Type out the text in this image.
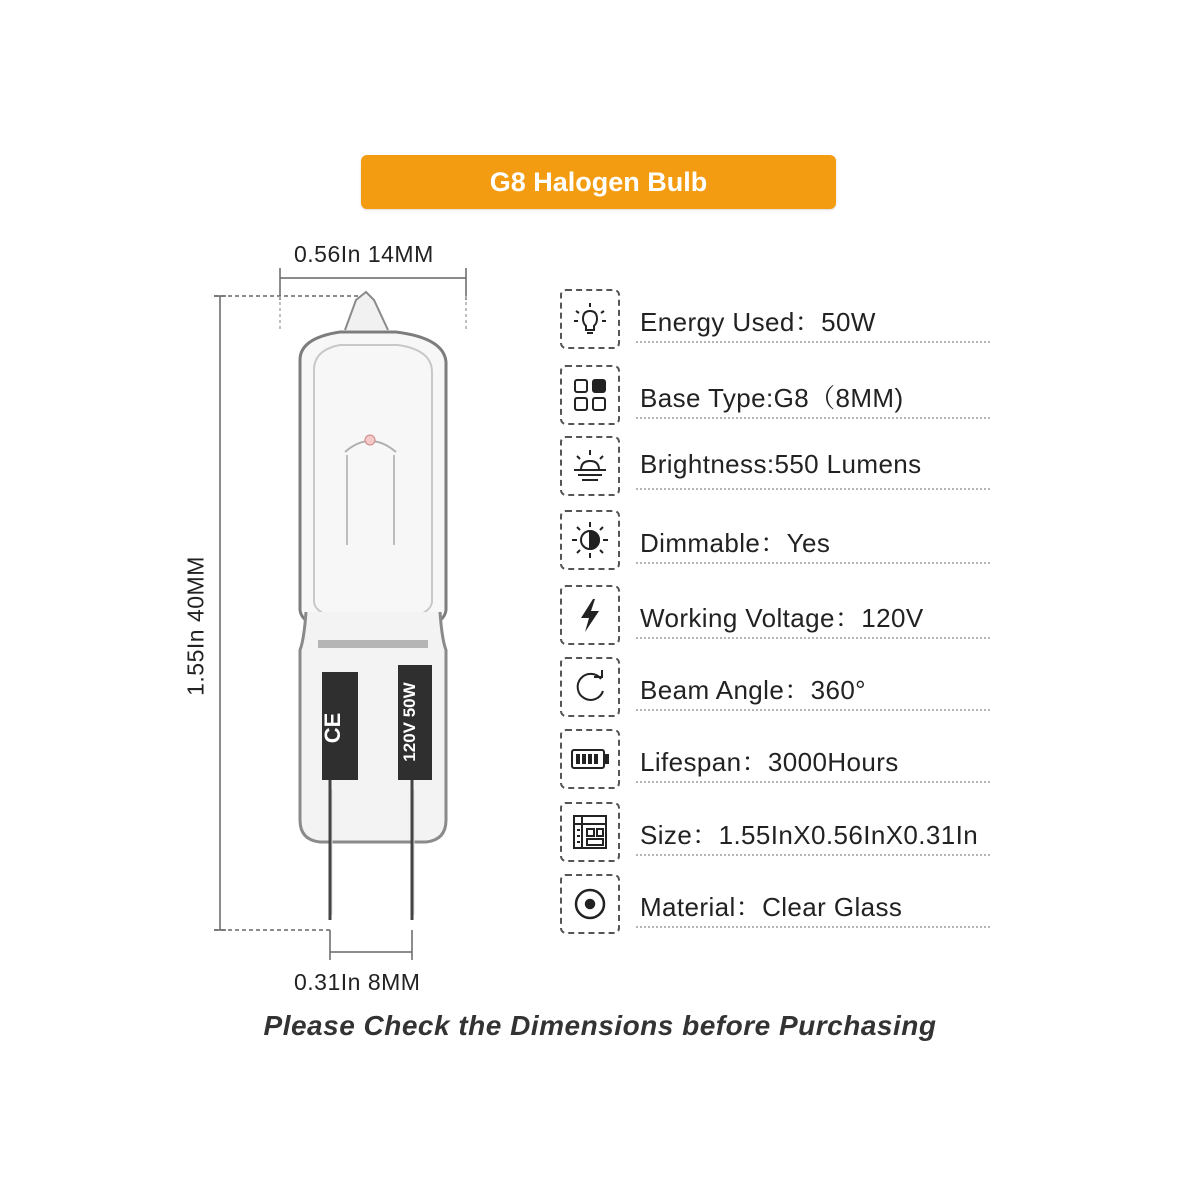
G8 Halogen Bulb
CE	120V 50W
0.56In 14MM
1.55In 40MM
0.31In 8MM
Energy Used：50W
Base Type:G8（8MM)
Brightness:550 Lumens
Dimmable：Yes
Working Voltage：120V
Beam Angle：360°
Lifespan：3000Hours
Size：1.55InX0.56InX0.31In
Material：Clear Glass
Please Check the Dimensions before Purchasing
